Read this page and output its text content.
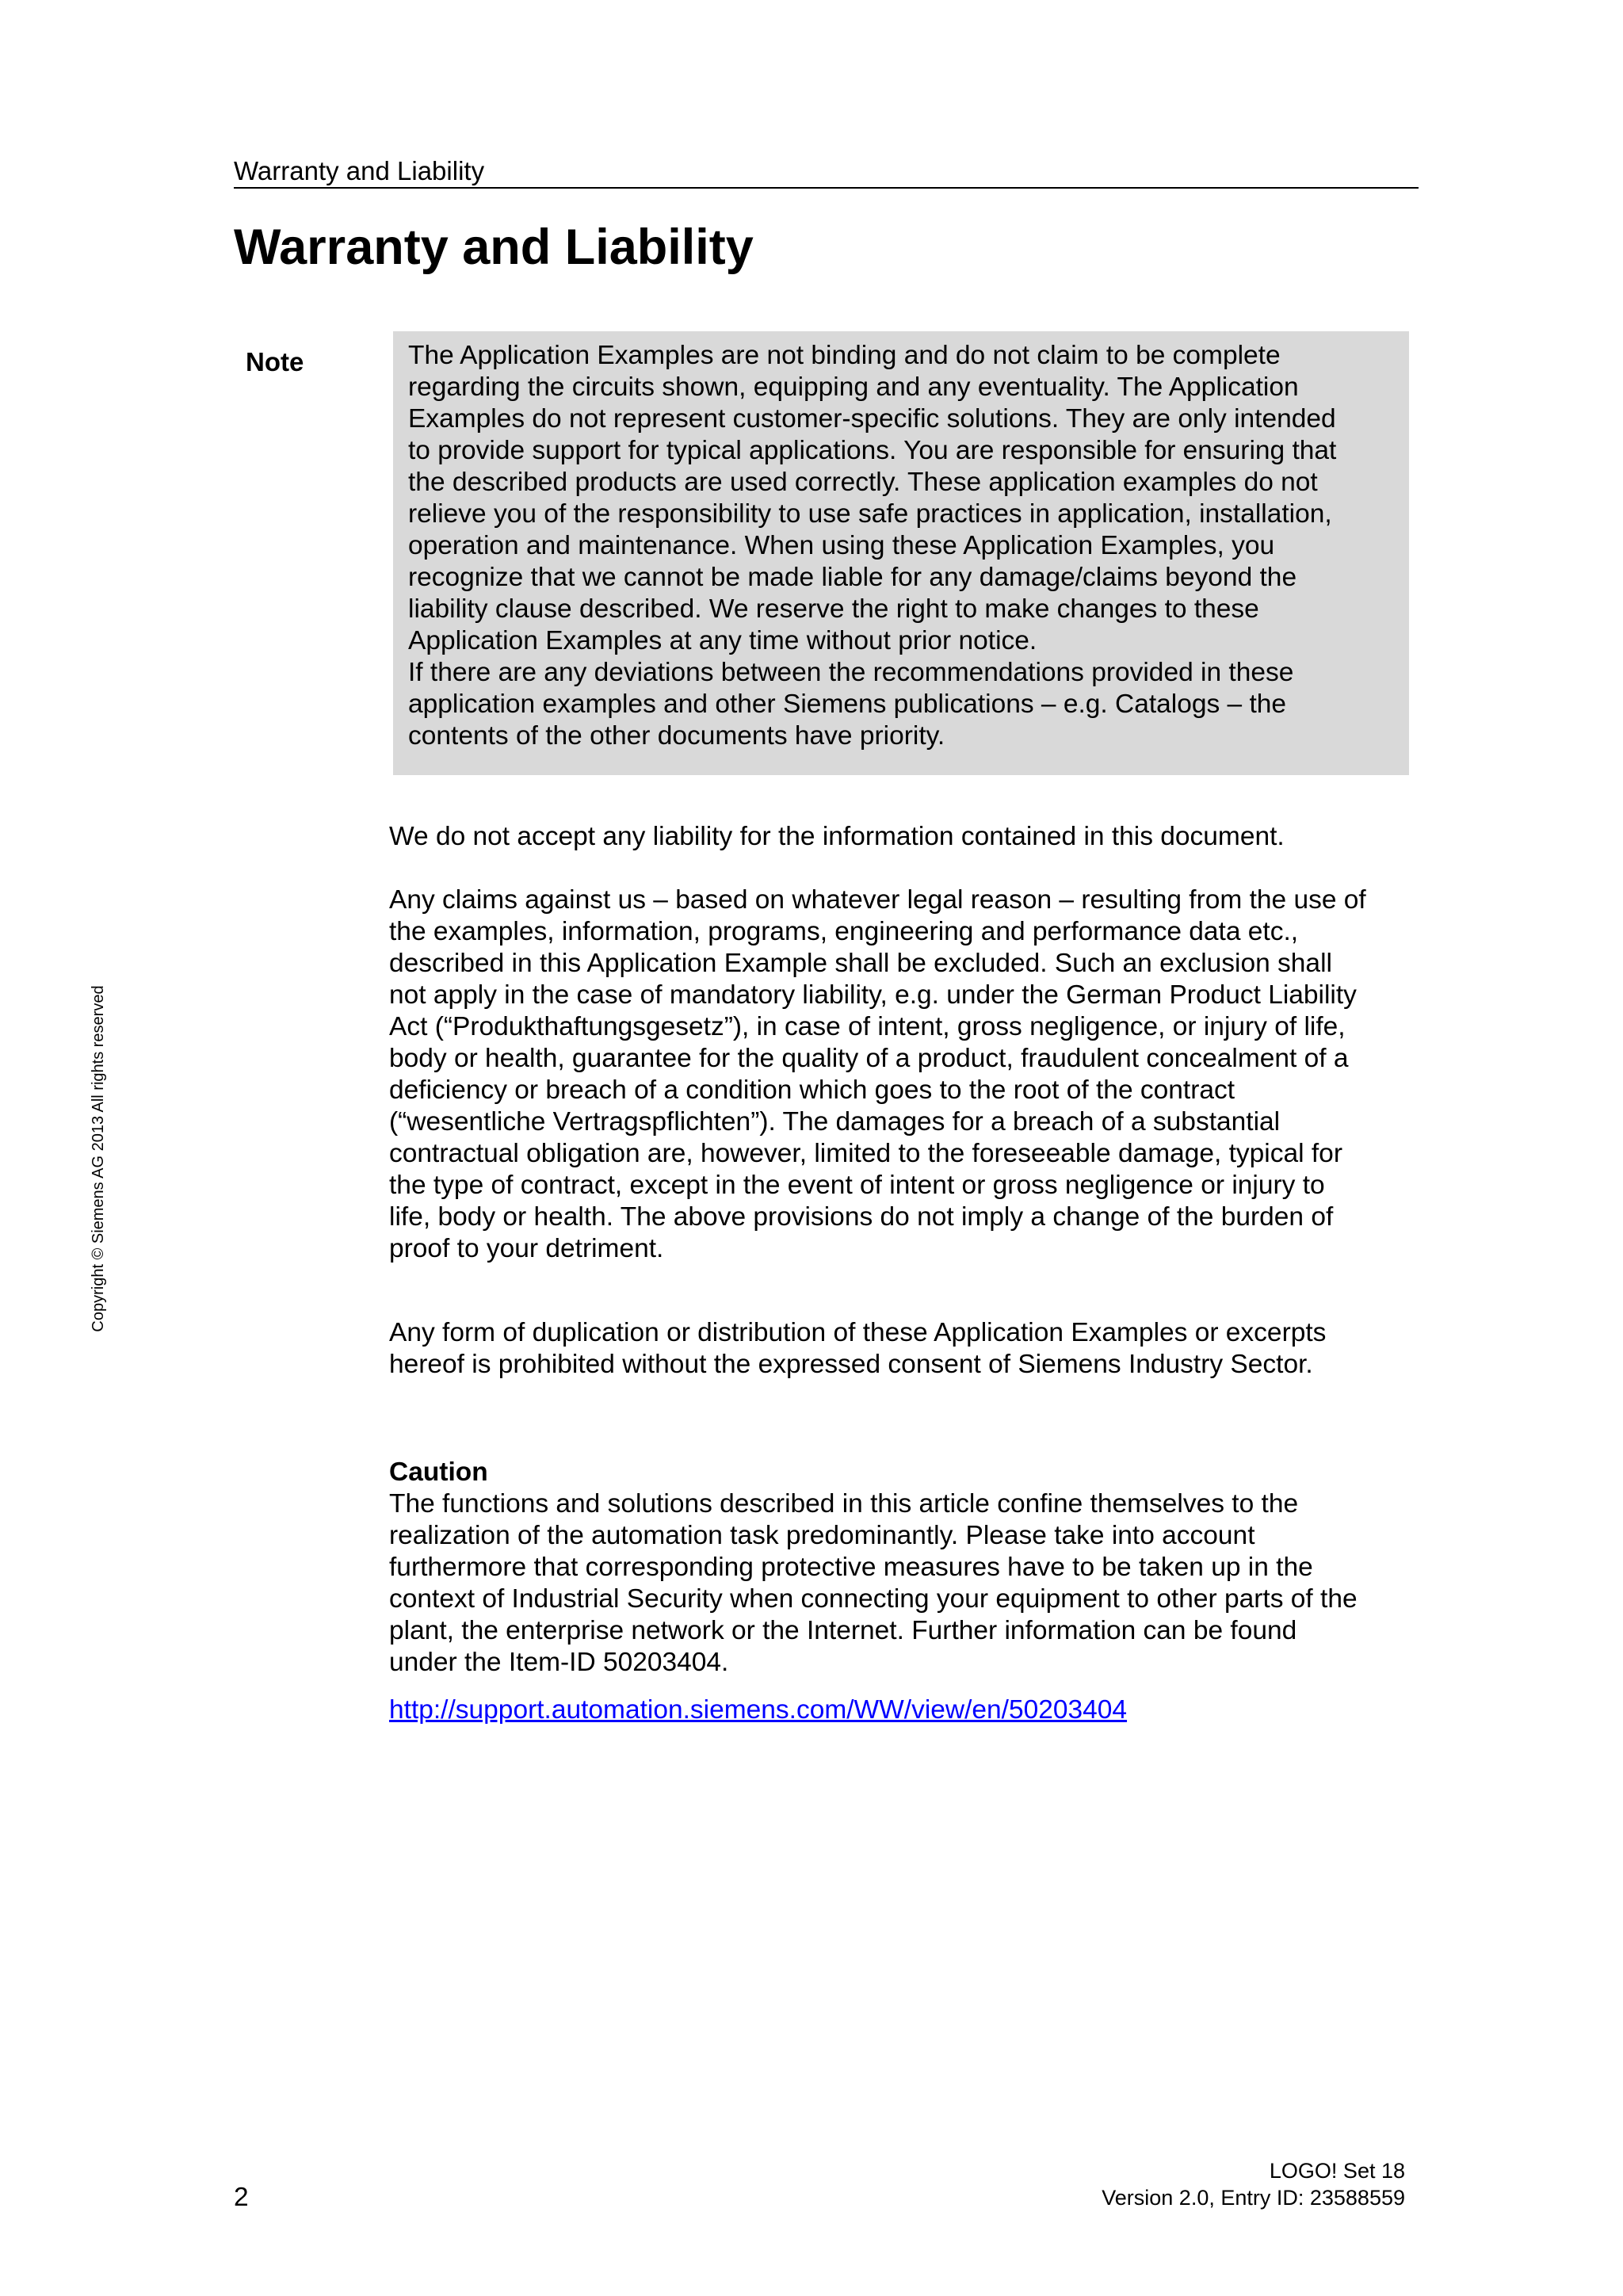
Warranty and Liability
Warranty and Liability
Note	The Application Examples are not binding and do not claim to be complete
regarding the circuits shown, equipping and any eventuality. The Application
Examples do not represent customer-specific solutions. They are only intended
to provide support for typical applications. You are responsible for ensuring that
the described products are used correctly. These application examples do not
relieve you of the responsibility to use safe practices in application, installation,
operation and maintenance. When using these Application Examples, you
recognize that we cannot be made liable for any damage/claims beyond the
liability clause described. We reserve the right to make changes to these
Application Examples at any time without prior notice.
If there are any deviations between the recommendations provided in these
application examples and other Siemens publications – e.g. Catalogs – the
contents of the other documents have priority.

We do not accept any liability for the information contained in this document.

Any claims against us – based on whatever legal reason – resulting from the use of
the examples, information, programs, engineering and performance data etc.,
described in this Application Example shall be excluded. Such an exclusion shall
not apply in the case of mandatory liability, e.g. under the German Product Liability
Act (“Produkthaftungsgesetz”), in case of intent, gross negligence, or injury of life,
body or health, guarantee for the quality of a product, fraudulent concealment of a
deficiency or breach of a condition which goes to the root of the contract
(“wesentliche Vertragspflichten”). The damages for a breach of a substantial
contractual obligation are, however, limited to the foreseeable damage, typical for
the type of contract, except in the event of intent or gross negligence or injury to
life, body or health. The above provisions do not imply a change of the burden of
proof to your detriment.

Any form of duplication or distribution of these Application Examples or excerpts
hereof is prohibited without the expressed consent of Siemens Industry Sector.

Caution

The functions and solutions described in this article confine themselves to the
realization of the automation task predominantly. Please take into account
furthermore that corresponding protective measures have to be taken up in the
context of Industrial Security when connecting your equipment to other parts of the
plant, the enterprise network or the Internet. Further information can be found
under the Item-ID 50203404.

http://support.automation.siemens.com/WW/view/en/50203404
Copyright © Siemens AG 2013 All rights reserved
2
LOGO! Set 18
Version 2.0, Entry ID: 23588559
